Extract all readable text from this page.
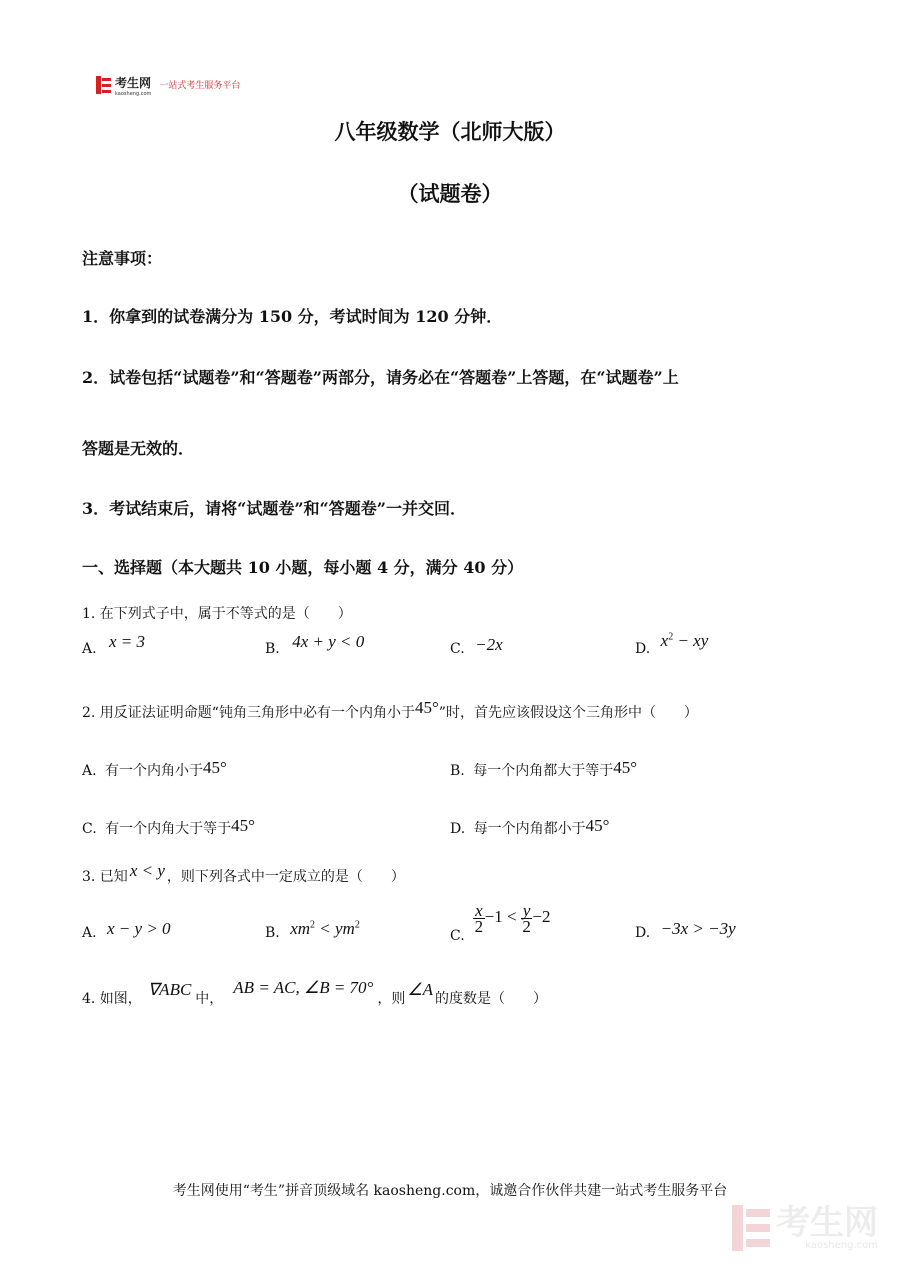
考生网
kaosheng.com
一站式考生服务平台
八年级数学（北师大版）
（试题卷）
注意事项：
1．你拿到的试卷满分为 150 分，考试时间为 120 分钟．
2．试卷包括“试题卷”和“答题卷”两部分，请务必在“答题卷”上答题，在“试题卷”上
答题是无效的．
3．考试结束后，请将“试题卷”和“答题卷”一并交回．
一、选择题（本大题共 10 小题，每小题 4 分，满分 40 分）
1. 在下列式子中，属于不等式的是（　　）
A. x = 3	B. 4x + y < 0	C. −2x	D. $x^2$ − xy
2. 用反证法证明命题“钝角三角形中必有一个内角小于45°”时，首先应该假设这个三角形中（　　）
A. 有一个内角小于45°	B. 每一个内角都大于等于45°
C. 有一个内角大于等于45°	D. 每一个内角都小于45°
3. 已知 x < y ，则下列各式中一定成立的是（　　）
A. x − y > 0	B. $xm^2 < ym^2$
C.
$\frac{x}{2} -1 < \frac{y}{2} -2$
D. −3x > −3y
4. 如图， ∇ABC 中，AB = AC, ∠B = 70°，则 ∠A 的度数是（　　）
考生网使用“考生”拼音顶级域名 kaosheng.com，诚邀合作伙伴共建一站式考生服务平台
考生网
kaosheng.com
